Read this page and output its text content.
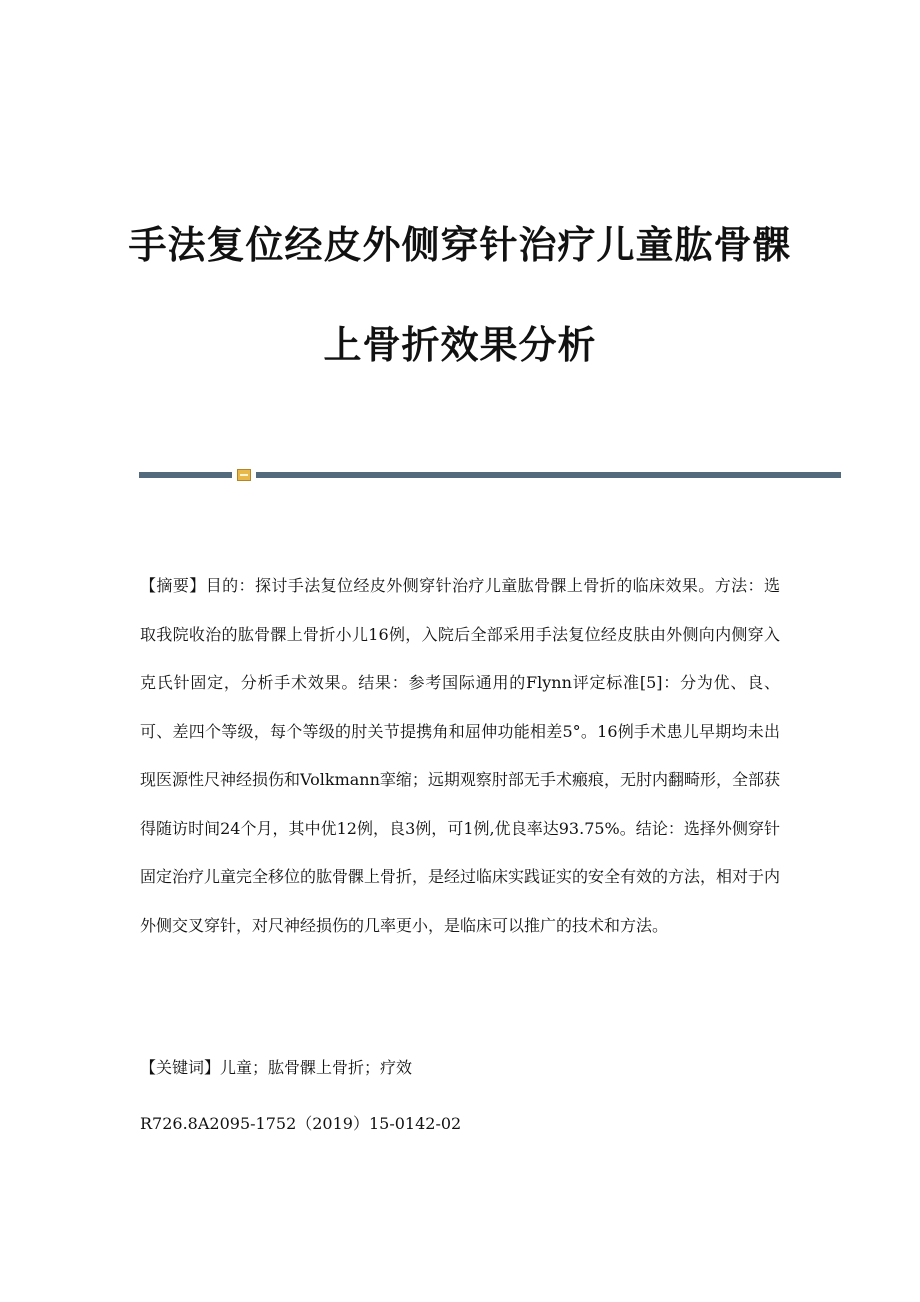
手法复位经皮外侧穿针治疗儿童肱骨髁
上骨折效果分析
【摘要】目的：探讨手法复位经皮外侧穿针治疗儿童肱骨髁上骨折的临床效果。方法：选取我院收治的肱骨髁上骨折小儿16例，入院后全部采用手法复位经皮肤由外侧向内侧穿入克氏针固定，分析手术效果。结果：参考国际通用的Flynn评定标准[5]：分为优、良、可、差四个等级，每个等级的肘关节提携角和屈伸功能相差5°。16例手术患儿早期均未出现医源性尺神经损伤和Volkmann挛缩；远期观察肘部无手术瘢痕，无肘内翻畸形，全部获得随访时间24个月，其中优12例，良3例，可1例,优良率达93.75%。结论：选择外侧穿针固定治疗儿童完全移位的肱骨髁上骨折，是经过临床实践证实的安全有效的方法，相对于内外侧交叉穿针，对尺神经损伤的几率更小，是临床可以推广的技术和方法。
【关键词】儿童；肱骨髁上骨折；疗效
R726.8A2095-1752（2019）15-0142-02
